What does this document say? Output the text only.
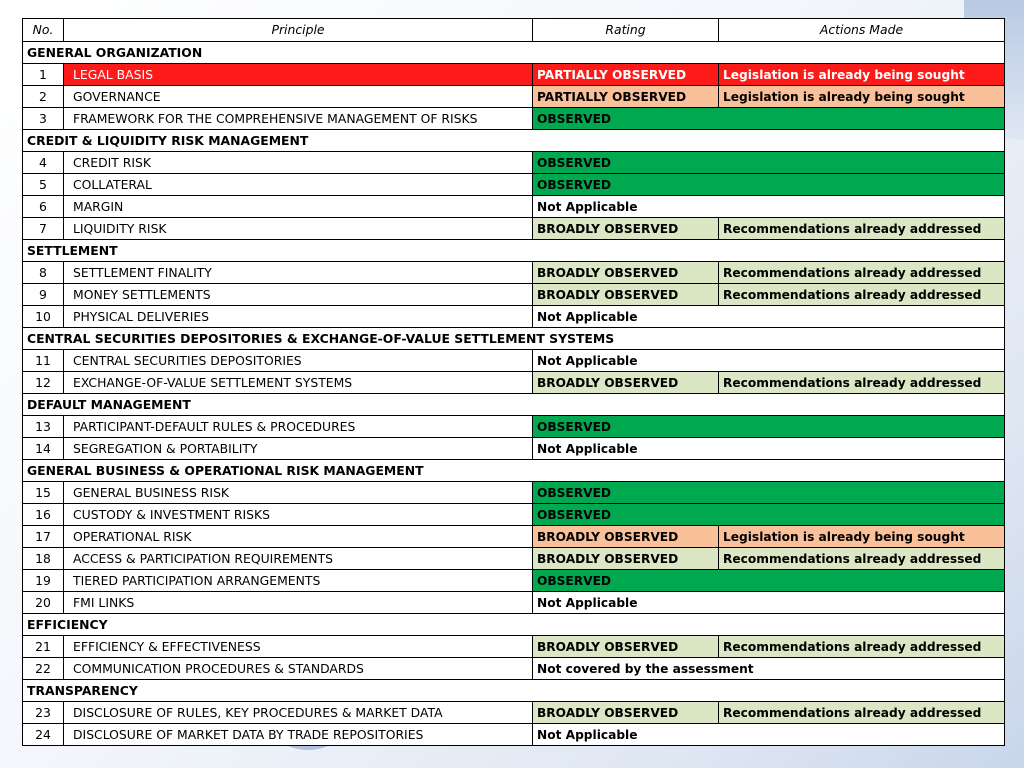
No.	Principle	Rating	Actions Made
GENERAL ORGANIZATION			
1	LEGAL BASIS	PARTIALLY OBSERVED	Legislation is already being sought
2	GOVERNANCE	PARTIALLY OBSERVED	Legislation is already being sought
3	FRAMEWORK FOR THE COMPREHENSIVE MANAGEMENT OF RISKS	OBSERVED	
CREDIT & LIQUIDITY RISK MANAGEMENT			
4	CREDIT RISK	OBSERVED	
5	COLLATERAL	OBSERVED	
6	MARGIN	Not Applicable	
7	LIQUIDITY RISK	BROADLY OBSERVED	Recommendations already addressed
SETTLEMENT			
8	SETTLEMENT FINALITY	BROADLY OBSERVED	Recommendations already addressed
9	MONEY SETTLEMENTS	BROADLY OBSERVED	Recommendations already addressed
10	PHYSICAL DELIVERIES	Not Applicable	
CENTRAL SECURITIES DEPOSITORIES & EXCHANGE-OF-VALUE SETTLEMENT SYSTEMS			
11	CENTRAL SECURITIES DEPOSITORIES	Not Applicable	
12	EXCHANGE-OF-VALUE SETTLEMENT SYSTEMS	BROADLY OBSERVED	Recommendations already addressed
DEFAULT MANAGEMENT			
13	PARTICIPANT-DEFAULT RULES & PROCEDURES	OBSERVED	
14	SEGREGATION & PORTABILITY	Not Applicable	
GENERAL BUSINESS & OPERATIONAL RISK MANAGEMENT			
15	GENERAL BUSINESS RISK	OBSERVED	
16	CUSTODY & INVESTMENT RISKS	OBSERVED	
17	OPERATIONAL RISK	BROADLY OBSERVED	Legislation is already being sought
18	ACCESS & PARTICIPATION REQUIREMENTS	BROADLY OBSERVED	Recommendations already addressed
19	TIERED PARTICIPATION ARRANGEMENTS	OBSERVED	
20	FMI LINKS	Not Applicable	
EFFICIENCY			
21	EFFICIENCY & EFFECTIVENESS	BROADLY OBSERVED	Recommendations already addressed
22	COMMUNICATION PROCEDURES & STANDARDS	Not covered by the assessment	
TRANSPARENCY			
23	DISCLOSURE OF RULES, KEY PROCEDURES & MARKET DATA	BROADLY OBSERVED	Recommendations already addressed
24	DISCLOSURE OF MARKET DATA BY TRADE REPOSITORIES	Not Applicable	
